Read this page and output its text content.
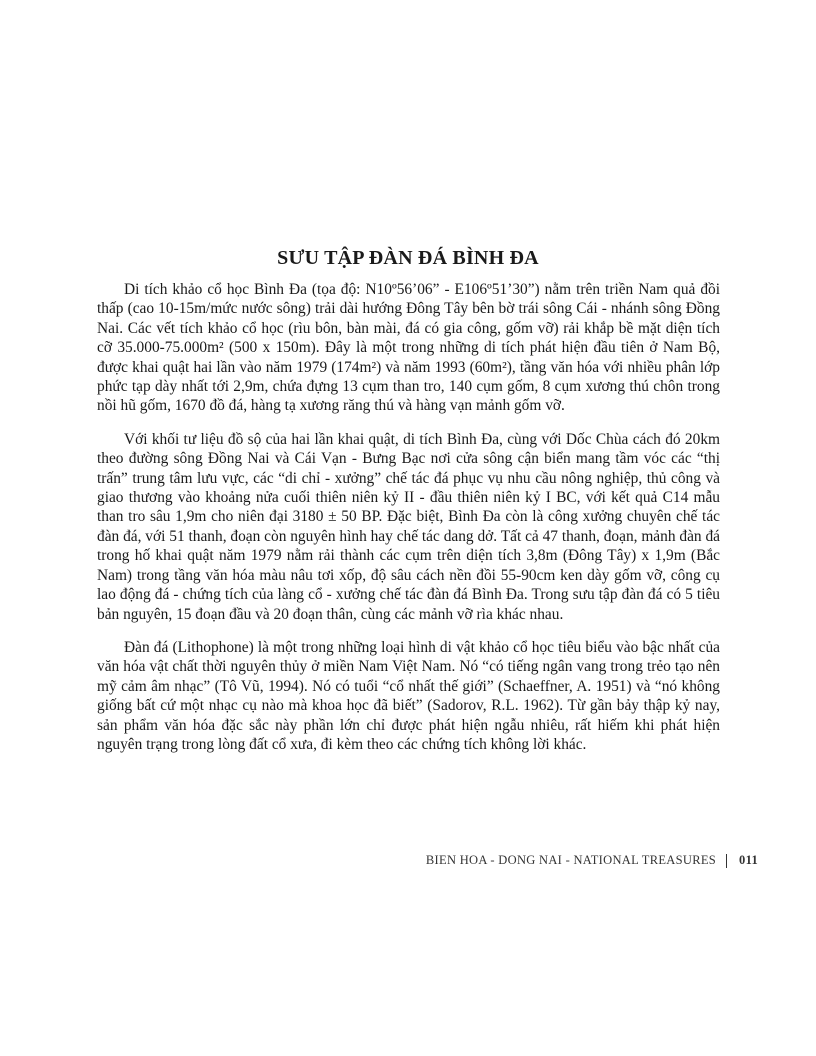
SƯU TẬP ĐÀN ĐÁ BÌNH ĐA

Di tích khảo cổ học Bình Đa (tọa độ: N10º56’06” - E106º51’30”) nằm trên triền Nam quả đồi thấp (cao 10-15m/mức nước sông) trải dài hướng Đông Tây bên bờ trái sông Cái - nhánh sông Đồng Nai. Các vết tích khảo cổ học (rìu bôn, bàn mài, đá có gia công, gốm vỡ) rải khắp bề mặt diện tích cỡ 35.000-75.000m² (500 x 150m). Đây là một trong những di tích phát hiện đầu tiên ở Nam Bộ, được khai quật hai lần vào năm 1979 (174m²) và năm 1993 (60m²), tầng văn hóa với nhiều phân lớp phức tạp dày nhất tới 2,9m, chứa đựng 13 cụm than tro, 140 cụm gốm, 8 cụm xương thú chôn trong nồi hũ gốm, 1670 đồ đá, hàng tạ xương răng thú và hàng vạn mảnh gốm vỡ.

Với khối tư liệu đồ sộ của hai lần khai quật, di tích Bình Đa, cùng với Dốc Chùa cách đó 20km theo đường sông Đồng Nai và Cái Vạn - Bưng Bạc nơi cửa sông cận biển mang tầm vóc các “thị trấn” trung tâm lưu vực, các “di chỉ - xưởng” chế tác đá phục vụ nhu cầu nông nghiệp, thủ công và giao thương vào khoảng nửa cuối thiên niên kỷ II - đầu thiên niên kỷ I BC, với kết quả C14 mẫu than tro sâu 1,9m cho niên đại 3180 ± 50 BP. Đặc biệt, Bình Đa còn là công xưởng chuyên chế tác đàn đá, với 51 thanh, đoạn còn nguyên hình hay chế tác dang dở. Tất cả 47 thanh, đoạn, mảnh đàn đá trong hố khai quật năm 1979 nằm rải thành các cụm trên diện tích 3,8m (Đông Tây) x 1,9m (Bắc Nam) trong tầng văn hóa màu nâu tơi xốp, độ sâu cách nền đồi 55-90cm ken dày gốm vỡ, công cụ lao động đá - chứng tích của làng cổ - xưởng chế tác đàn đá Bình Đa. Trong sưu tập đàn đá có 5 tiêu bản nguyên, 15 đoạn đầu và 20 đoạn thân, cùng các mảnh vỡ rìa khác nhau.

Đàn đá (Lithophone) là một trong những loại hình di vật khảo cổ học tiêu biểu vào bậc nhất của văn hóa vật chất thời nguyên thủy ở miền Nam Việt Nam. Nó “có tiếng ngân vang trong trẻo tạo nên mỹ cảm âm nhạc” (Tô Vũ, 1994). Nó có tuổi “cổ nhất thế giới” (Schaeffner, A. 1951) và “nó không giống bất cứ một nhạc cụ nào mà khoa học đã biết” (Sadorov, R.L. 1962). Từ gần bảy thập kỷ nay, sản phẩm văn hóa đặc sắc này phần lớn chỉ được phát hiện ngẫu nhiêu, rất hiếm khi phát hiện nguyên trạng trong lòng đất cổ xưa, đi kèm theo các chứng tích không lời khác.

BIEN HOA - DONG NAI - NATIONAL TREASURES 011
